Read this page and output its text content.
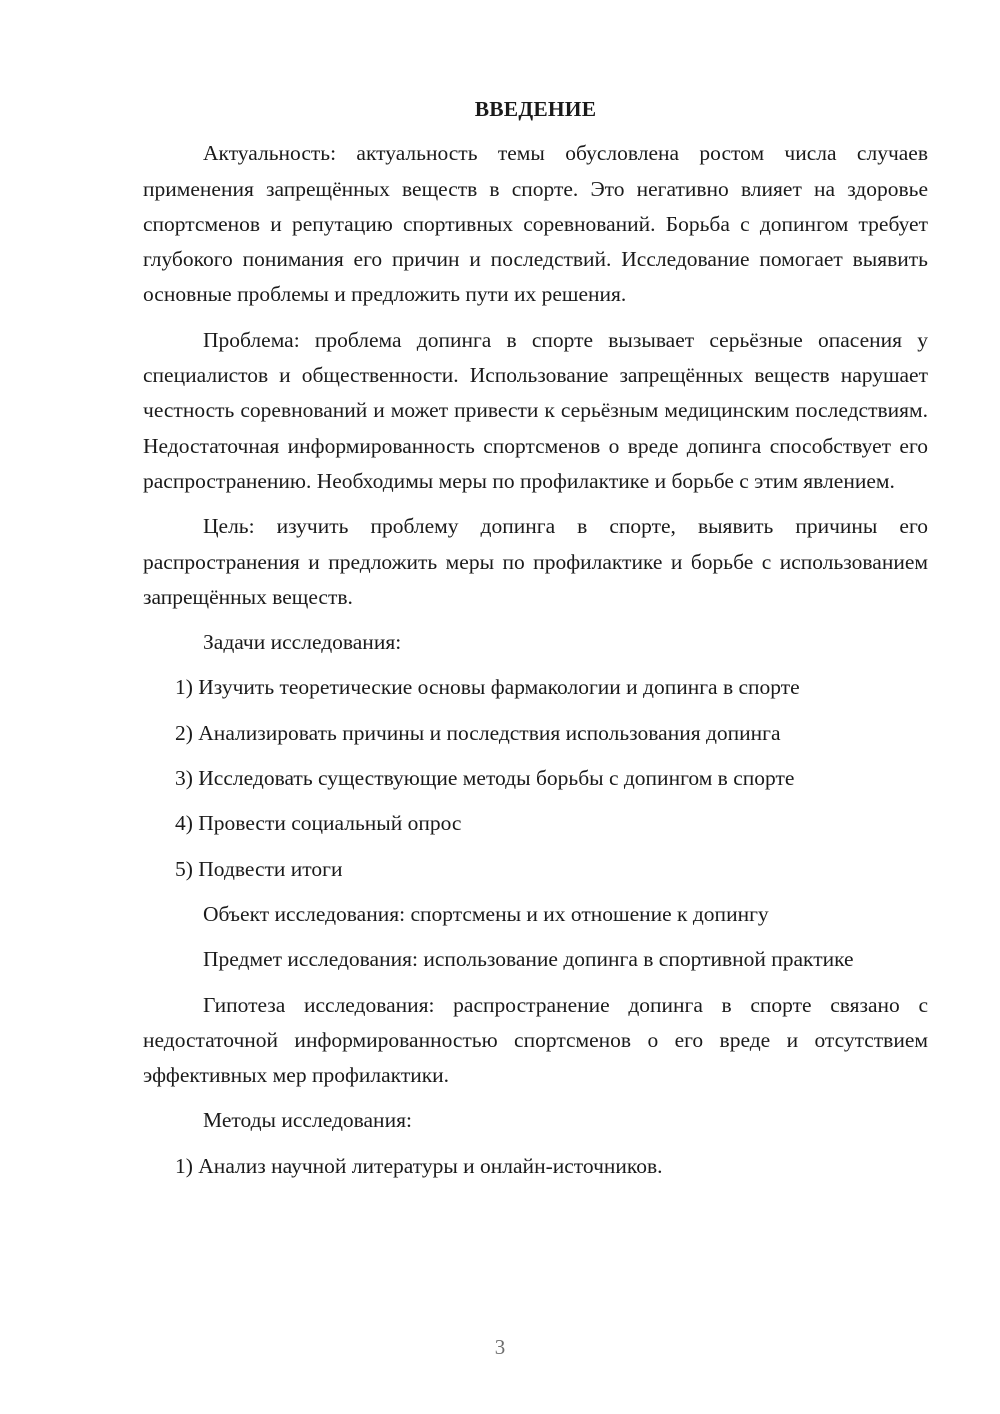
ВВЕДЕНИЕ

Актуальность: актуальность темы обусловлена ростом числа случаев применения запрещённых веществ в спорте. Это негативно влияет на здоровье спортсменов и репутацию спортивных соревнований. Борьба с допингом требует глубокого понимания его причин и последствий. Исследование помогает выявить основные проблемы и предложить пути их решения.

Проблема: проблема допинга в спорте вызывает серьёзные опасения у специалистов и общественности. Использование запрещённых веществ нарушает честность соревнований и может привести к серьёзным медицинским последствиям. Недостаточная информированность спортсменов о вреде допинга способствует его распространению. Необходимы меры по профилактике и борьбе с этим явлением.

Цель: изучить проблему допинга в спорте, выявить причины его распространения и предложить меры по профилактике и борьбе с использованием запрещённых веществ.

Задачи исследования:

1) Изучить теоретические основы фармакологии и допинга в спорте
2) Анализировать причины и последствия использования допинга
3) Исследовать существующие методы борьбы с допингом в спорте
4) Провести социальный опрос
5) Подвести итоги

Объект исследования: спортсмены и их отношение к допингу

Предмет исследования: использование допинга в спортивной практике

Гипотеза исследования: распространение допинга в спорте связано с недостаточной информированностью спортсменов о его вреде и отсутствием эффективных мер профилактики.

Методы исследования:

1) Анализ научной литературы и онлайн-источников.
3
